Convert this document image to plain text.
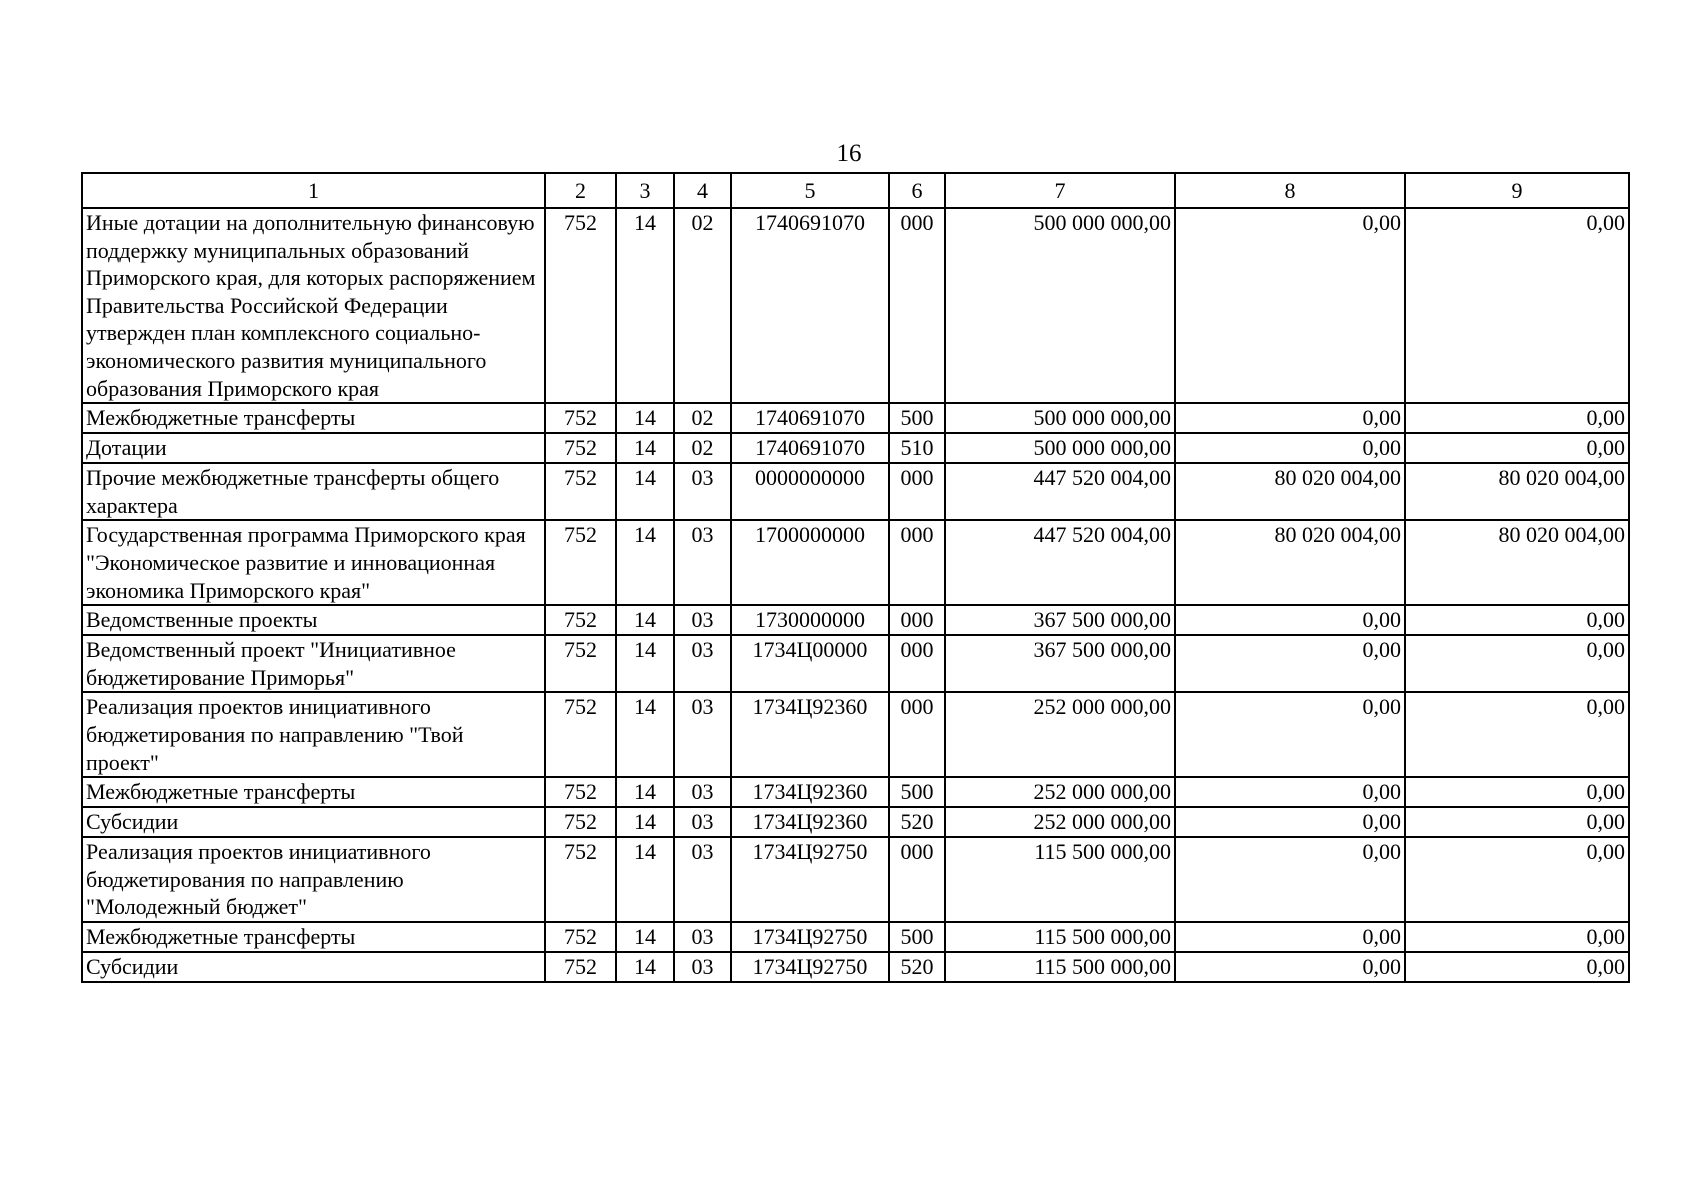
16
1	2	3	4	5	6	7	8	9
Иные дотации на дополнительную финансовую поддержку муниципальных образований Приморского края, для которых распоряжением Правительства Российской Федерации утвержден план комплексного социально-экономического развития муниципального образования Приморского края	752	14	02	1740691070	000	500 000 000,00	0,00	0,00
Межбюджетные трансферты	752	14	02	1740691070	500	500 000 000,00	0,00	0,00
Дотации	752	14	02	1740691070	510	500 000 000,00	0,00	0,00
Прочие межбюджетные трансферты общего характера	752	14	03	0000000000	000	447 520 004,00	80 020 004,00	80 020 004,00
Государственная программа Приморского края "Экономическое развитие и инновационная экономика Приморского края"	752	14	03	1700000000	000	447 520 004,00	80 020 004,00	80 020 004,00
Ведомственные проекты	752	14	03	1730000000	000	367 500 000,00	0,00	0,00
Ведомственный проект "Инициативное бюджетирование Приморья"	752	14	03	1734Ц00000	000	367 500 000,00	0,00	0,00
Реализация проектов инициативного бюджетирования по направлению "Твой проект"	752	14	03	1734Ц92360	000	252 000 000,00	0,00	0,00
Межбюджетные трансферты	752	14	03	1734Ц92360	500	252 000 000,00	0,00	0,00
Субсидии	752	14	03	1734Ц92360	520	252 000 000,00	0,00	0,00
Реализация проектов инициативного бюджетирования по направлению "Молодежный бюджет"	752	14	03	1734Ц92750	000	115 500 000,00	0,00	0,00
Межбюджетные трансферты	752	14	03	1734Ц92750	500	115 500 000,00	0,00	0,00
Субсидии	752	14	03	1734Ц92750	520	115 500 000,00	0,00	0,00
